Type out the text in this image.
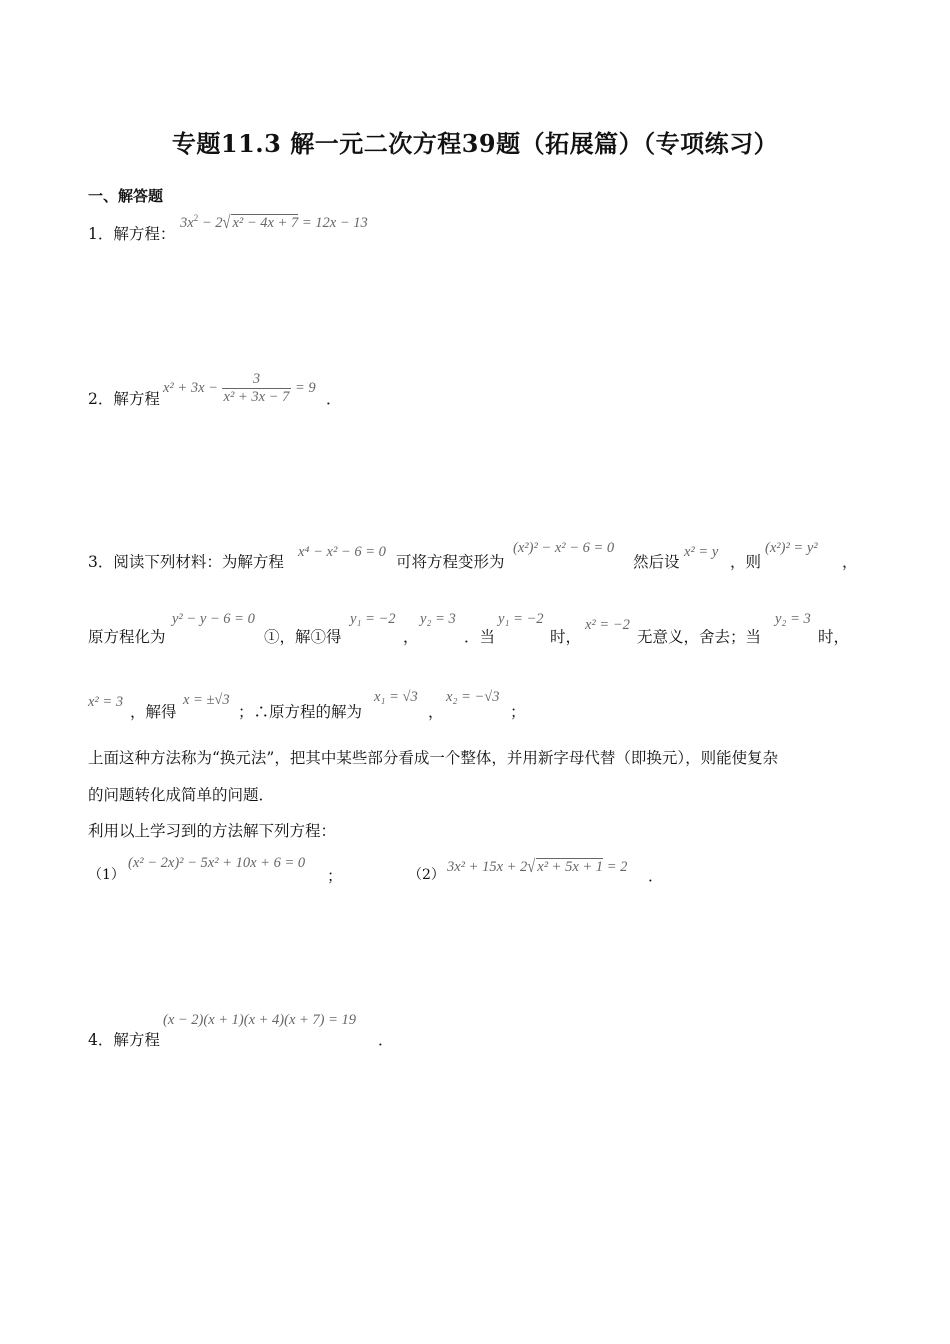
专题11.3 解一元二次方程39题（拓展篇）（专项练习）
一、解答题
1．解方程：
$3x^2 - 2√$ x² − 4x + 7 = 12x − 13
2．解方程
$x^2 + 3x - \frac{3}{\text{x² + 3x − 7}} = 9$
．
3．阅读下列材料：为解方程
x⁴ − x² − 6 = 0
可将方程变形为
(x²)² − x² − 6 = 0
然后设
x² = y
，则
(x²)² = y²
，
原方程化为
y² − y − 6 = 0
①，解①得
y₁ = −2
，
y₂ = 3
．当
y₁ = −2
时，
x² = −2
无意义，舍去；当
y₂ = 3
时，
x² = 3
，解得
x = ±√3
；∴原方程的解为
x₁ = √3
，
x₂ = −√3
；
上面这种方法称为“换元法”，把其中某些部分看成一个整体，并用新字母代替（即换元），则能使复杂
的问题转化成简单的问题．
利用以上学习到的方法解下列方程：
（1）
(x² − 2x)² − 5x² + 10x + 6 = 0
；	（2） 3x² + 15x + 2√ x² + 5x + 1 = 2 ．
4．解方程
(x − 2)(x + 1)(x + 4)(x + 7) = 19
．
